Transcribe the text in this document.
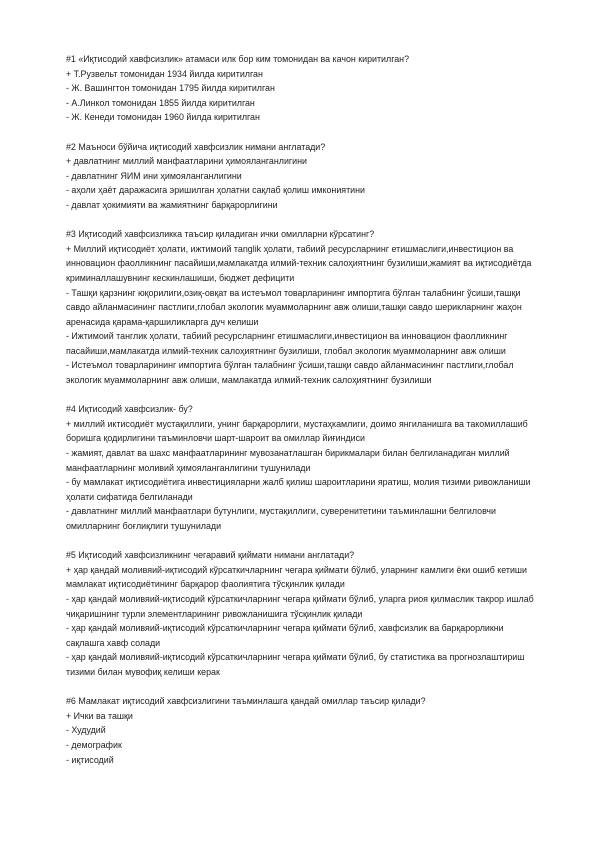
#1 «Иқтисодий хавфсизлик» атамаси илк бор ким томонидан ва качон киритилган?
+ Т.Рузвельт томонидан 1934 йилда киритилган
- Ж. Вашингтон томонидан 1795 йилда киритилган
- А.Линкол томонидан 1855 йилда киритилган
- Ж. Кенеди томонидан 1960 йилда киритилган
#2 Маъноси бўйича иқтисодий хавфсизлик нимани англатади?
+ давлатнинг миллий манфаатларини ҳимояланганлигини
- давлатнинг ЯИМ ини ҳимояланганлигини
- аҳоли ҳаёт даражасига эришилган ҳолатни сақлаб қолиш имкониятини
- давлат ҳокимияти ва жамиятнинг барқарорлигини
#3 Иқтисодий хавфсизликка таъсир қиладиган ички омилларни кўрсатинг?
+ Миллий иқтисодиёт ҳолати, ижтимоий тanglik ҳолати, табиий ресурсларнинг етишмаслиги,инвестицион ва инновацион фаолликнинг пасайиши,мамлакатда илмий-техник салоҳиятнинг бузилиши,жамият ва иқтисодиётда криминаллашувнинг кескинлашиши, бюджет дефицити
- Ташқи қарзнинг юқорилиги,озиқ-овқат ва истеъмол товарларининг импортига бўлган талабнинг ўсиши,ташқи савдо айланмасининг пастлиги,глобал экологик муаммоларнинг авж олиши,ташқи савдо шерикларнинг жаҳон аренасида қарама-қаршиликларга дуч келиши
- Ижтимоий танглик ҳолати, табиий ресурсларнинг етишмаслиги,инвестицион ва инновацион фаолликнинг пасайиши,мамлакатда илмий-техник салоҳиятнинг бузилиши, глобал экологик муаммоларнинг авж олиши
- Истеъмол товарларининг импортига бўлган талабнинг ўсиши,ташқи савдо айланмасининг пастлиги,глобал экологик муаммоларнинг авж олиши, мамлакатда илмий-техник салоҳиятнинг бузилиши
#4 Иқтисодий хавфсизлик- бу?
+ миллий иктисодиёт мустақиллиги, унинг барқарорлиги, мустаҳкамлиги, доимо янгиланишга ва такомиллашиб боришга қодирлигини таъминловчи шарт-шароит ва омиллар йиғиндиси
- жамият, давлат ва шахс манфаатларининг мувозанатлашган бирикмалари билан белгиланадиган миллий манфаатларнинг моливий ҳимояланганлигини тушунилади
- бу мамлакат иқтисодиётига инвестицияларни жалб қилиш шароитларини яратиш, молия тизими ривожланиши ҳолати сифатида белгиланади
- давлатнинг миллий манфаатлари бутунлиги, мустақиллиги, суверенитетини таъминлашни белгиловчи омилларнинг боғлиқлиги тушунилади
#5 Иқтисодий хавфсизликнинг чегаравий қиймати нимани англатади?
+ ҳар қандай моливяий-иқтисодий кўрсаткичларнинг чегара қиймати бўлиб, уларнинг камлиги ёки ошиб кетиши мамлакат иқтисодиётининг барқарор фаолиятига тўсқинлик қилади
- ҳар қандай моливяий-иқтисодий кўрсаткичларнинг чегара қиймати бўлиб, уларга риоя қилмаслик такрор ишлаб чиқаришнинг турли элементларининг ривожланишига тўсқинлик қилади
- ҳар қандай моливяий-иқтисодий кўрсаткичларнинг чегара қиймати бўлиб, хавфсизлик ва барқарорликни сақлашга хавф солади
- ҳар қандай моливяий-иқтисодий кўрсаткичларнинг чегара қиймати бўлиб, бу статистика ва прогнозлаштириш тизими билан мувофиқ келиши керак
#6 Мамлакат иқтисодий хавфсизлигини таъминлашга қандай омиллар таъсир қилади?
+ Ички ва ташқи
- Худудий
- демографик
- иқтисодий
